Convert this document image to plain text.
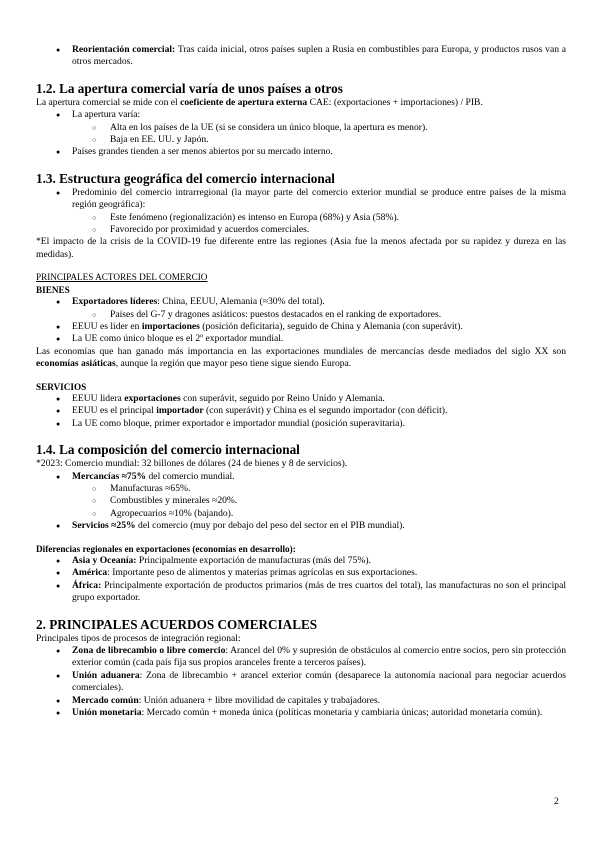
● Reorientación comercial: Tras caída inicial, otros países suplen a Rusia en combustibles para Europa, y productos rusos van a otros mercados.
1.2. La apertura comercial varía de unos países a otros

La apertura comercial se mide con el coeficiente de apertura externa CAE: (exportaciones + importaciones) / PIB.

● La apertura varía:
○ Alta en los países de la UE (si se considera un único bloque, la apertura es menor).
○ Baja en EE. UU. y Japón.
● Países grandes tienden a ser menos abiertos por su mercado interno.
1.3. Estructura geográfica del comercio internacional
● Predominio del comercio intrarregional (la mayor parte del comercio exterior mundial se produce entre países de la misma región geográfica):
○ Este fenómeno (regionalización) es intenso en Europa (68%) y Asia (58%).
○ Favorecido por proximidad y acuerdos comerciales.

*El impacto de la crisis de la COVID-19 fue diferente entre las regiones (Asia fue la menos afectada por su rapidez y dureza en las medidas).

PRINCIPALES ACTORES DEL COMERCIO

BIENES

● Exportadores líderes: China, EEUU, Alemania (≈30% del total).
○ Países del G-7 y dragones asiáticos: puestos destacados en el ranking de exportadores.
● EEUU es líder en importaciones (posición deficitaria), seguido de China y Alemania (con superávit).
● La UE como único bloque es el 2º exportador mundial.

Las economías que han ganado más importancia en las exportaciones mundiales de mercancías desde mediados del siglo XX son economías asiáticas, aunque la región que mayor peso tiene sigue siendo Europa.

SERVICIOS

● EEUU lidera exportaciones con superávit, seguido por Reino Unido y Alemania.
● EEUU es el principal importador (con superávit) y China es el segundo importador (con déficit).
● La UE como bloque, primer exportador e importador mundial (posición superavitaria).
1.4. La composición del comercio internacional

*2023: Comercio mundial: 32 billones de dólares (24 de bienes y 8 de servicios).

● Mercancías ≈75% del comercio mundial.
○ Manufacturas ≈65%.
○ Combustibles y minerales ≈20%.
○ Agropecuarios ≈10% (bajando).
● Servicios ≈25% del comercio (muy por debajo del peso del sector en el PIB mundial).

Diferencias regionales en exportaciones (economías en desarrollo):

● Asia y Oceanía: Principalmente exportación de manufacturas (más del 75%).
● América: Importante peso de alimentos y materias primas agrícolas en sus exportaciones.
● África: Principalmente exportación de productos primarios (más de tres cuartos del total), las manufacturas no son el principal grupo exportador.
2. PRINCIPALES ACUERDOS COMERCIALES

Principales tipos de procesos de integración regional:

● Zona de librecambio o libre comercio: Arancel del 0% y supresión de obstáculos al comercio entre socios, pero sin protección exterior común (cada país fija sus propios aranceles frente a terceros países).
● Unión aduanera: Zona de librecambio + arancel exterior común (desaparece la autonomía nacional para negociar acuerdos comerciales).
● Mercado común: Unión aduanera + libre movilidad de capitales y trabajadores.
● Unión monetaria: Mercado común + moneda única (políticas monetaria y cambiaria únicas; autoridad monetaria común).
2
